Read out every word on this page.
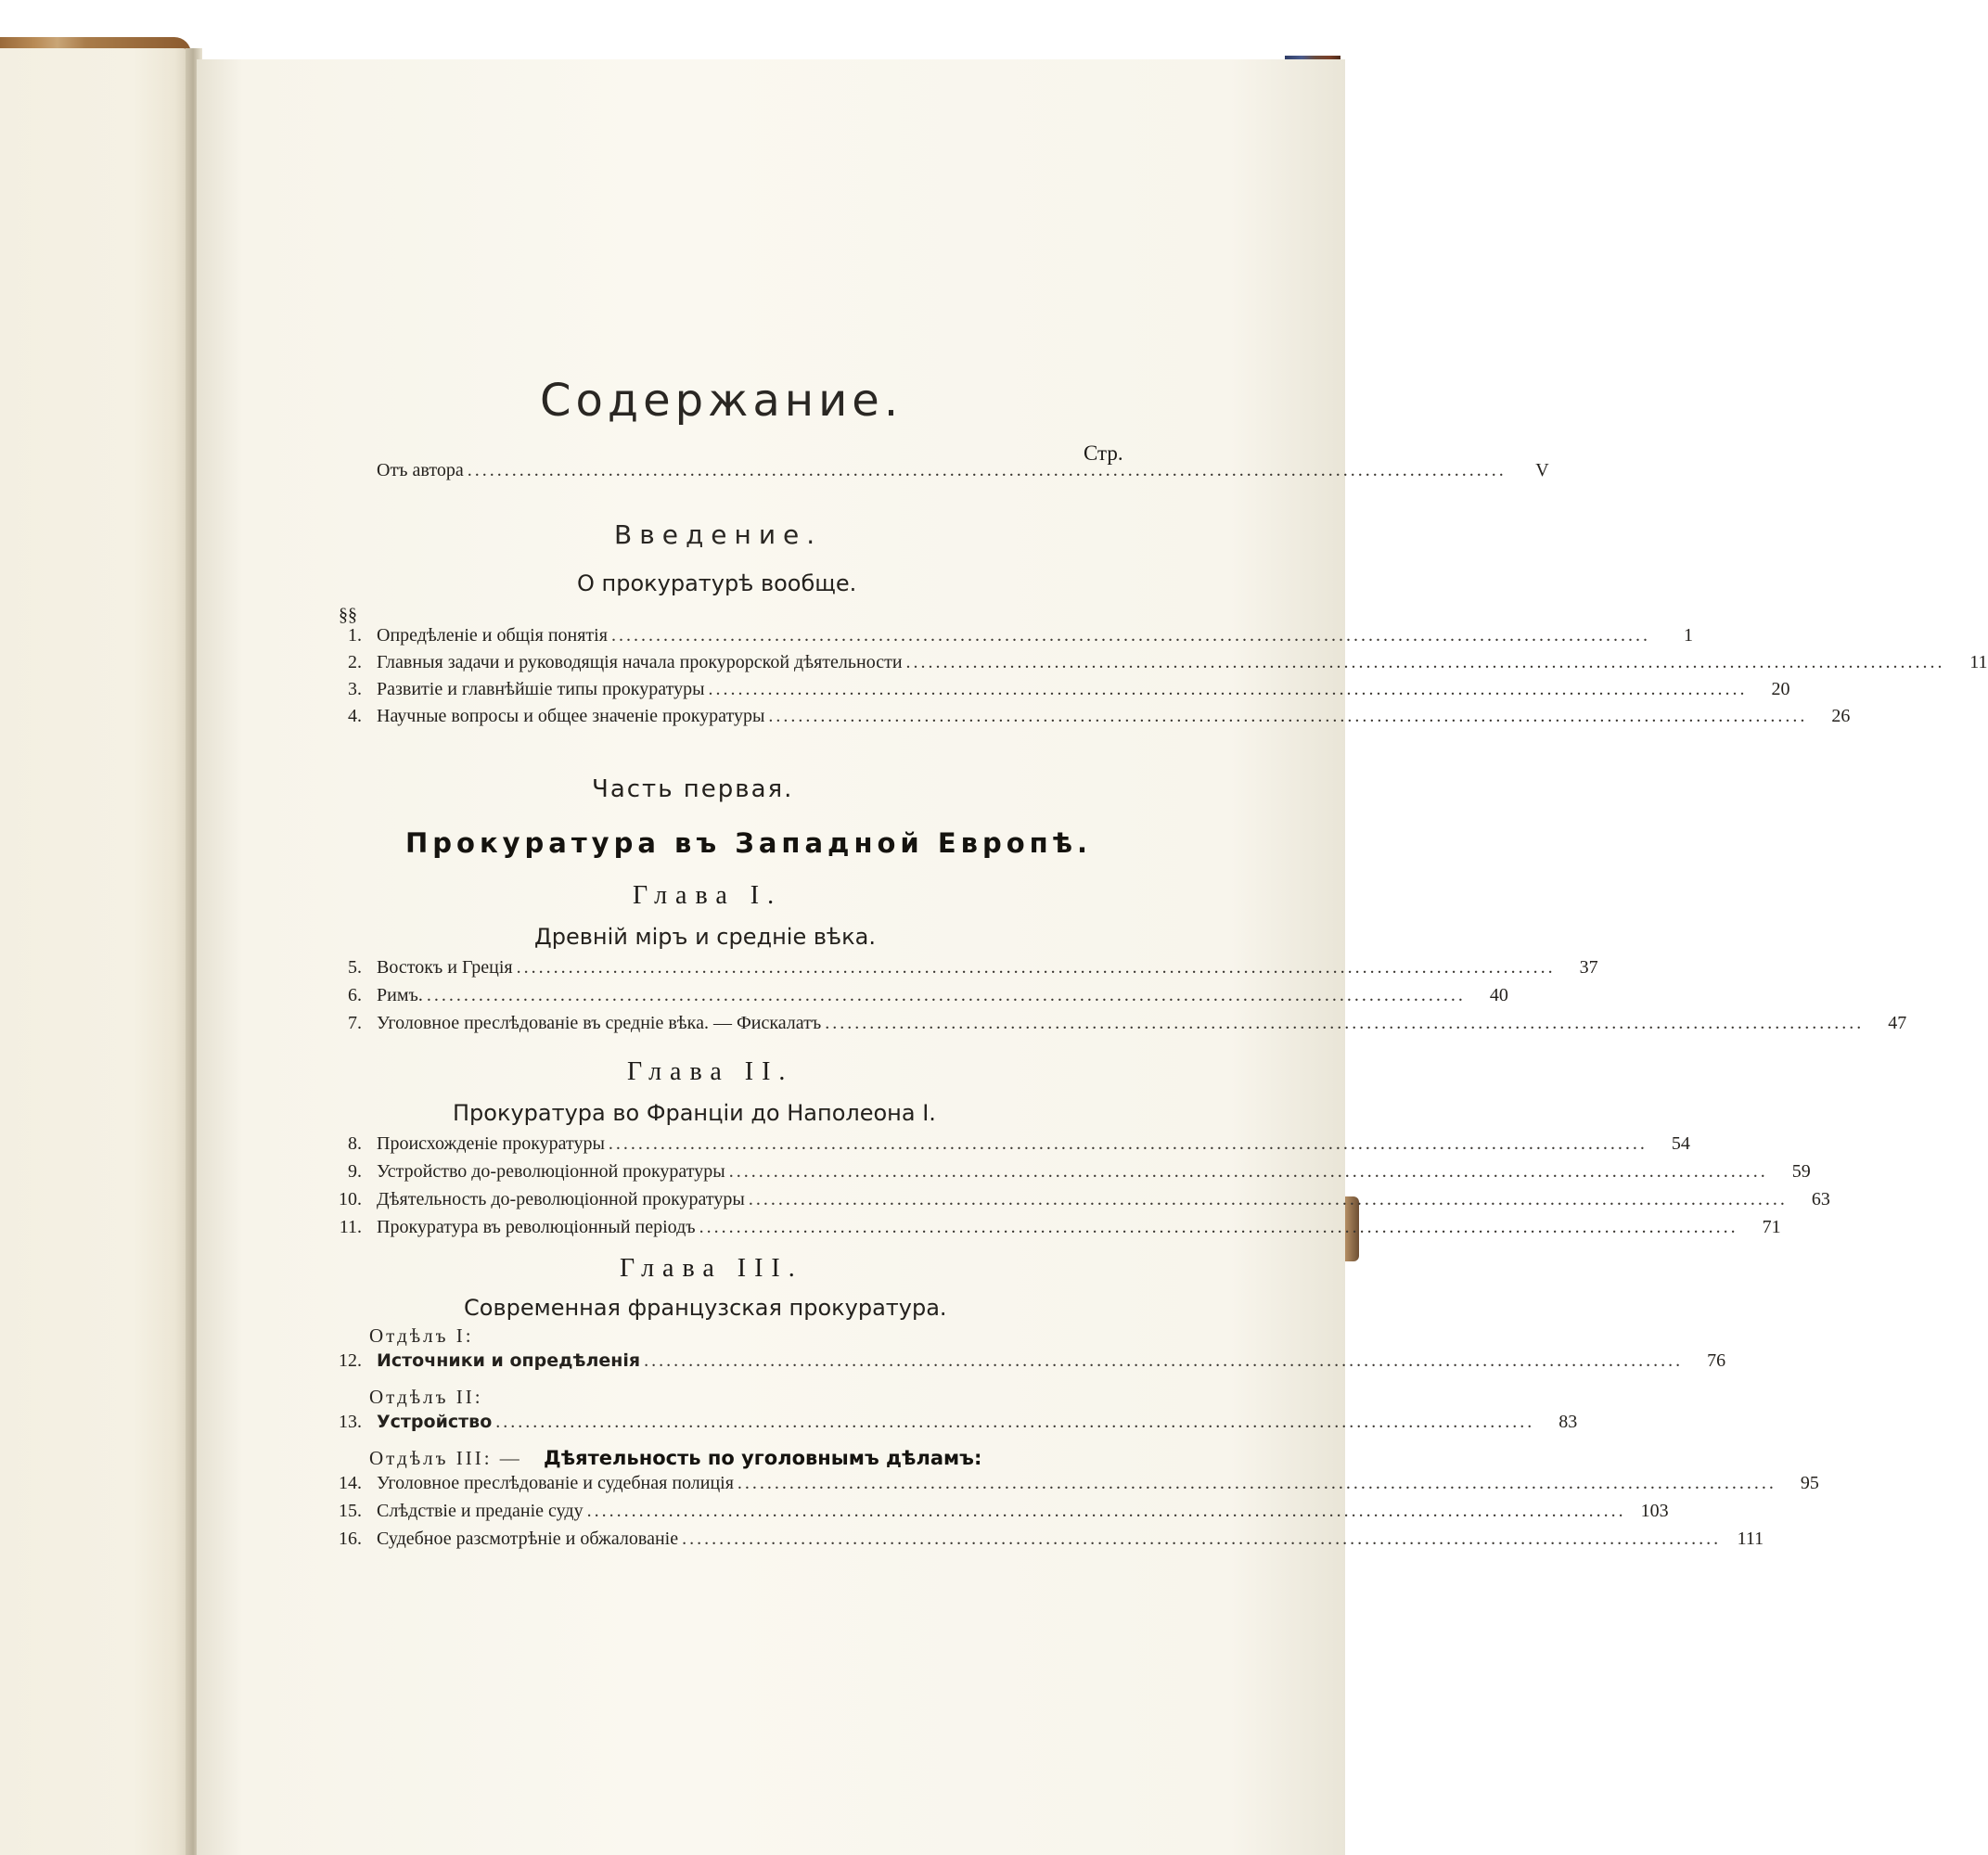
Содержание.
Стр.
Отъ автора ............................................................................................................................................	V
Введение.
О прокуратурѣ вообще.
§§
1. Опредѣленіе и общія понятія ............................................................................................................................................	1
2. Главныя задачи и руководящія начала прокурорской дѣятельности ............................................................................................................................................	11
3. Развитіе и главнѣйшіе типы прокуратуры ............................................................................................................................................	20
4. Научные вопросы и общее значеніе прокуратуры ............................................................................................................................................	26
Часть первая.
Прокуратура въ Западной Европѣ.
Глава I.
Древній міръ и средніе вѣка.
5. Востокъ и Греція ............................................................................................................................................	37
6. Римъ. ............................................................................................................................................	40
7. Уголовное преслѣдованіе въ средніе вѣка. — Фискалатъ ............................................................................................................................................	47
Глава II.
Прокуратура во Франціи до Наполеона I.
8. Происхожденіе прокуратуры ............................................................................................................................................	54
9. Устройство до-революціонной прокуратуры ............................................................................................................................................	59
10. Дѣятельность до-революціонной прокуратуры ............................................................................................................................................	63
11. Прокуратура въ революціонный періодъ ............................................................................................................................................	71
Глава III.
Современная французская прокуратура.
Отдѣлъ I:
12. Источники и опредѣленія ............................................................................................................................................	76
Отдѣлъ II:
13. Устройство ............................................................................................................................................	83
Отдѣлъ III: — Дѣятельность по уголовнымъ дѣламъ:
14. Уголовное преслѣдованіе и судебная полиція ............................................................................................................................................	95
15. Слѣдствіе и преданіе суду ............................................................................................................................................ 103
16. Судебное разсмотрѣніе и обжалованіе ............................................................................................................................................ 111
